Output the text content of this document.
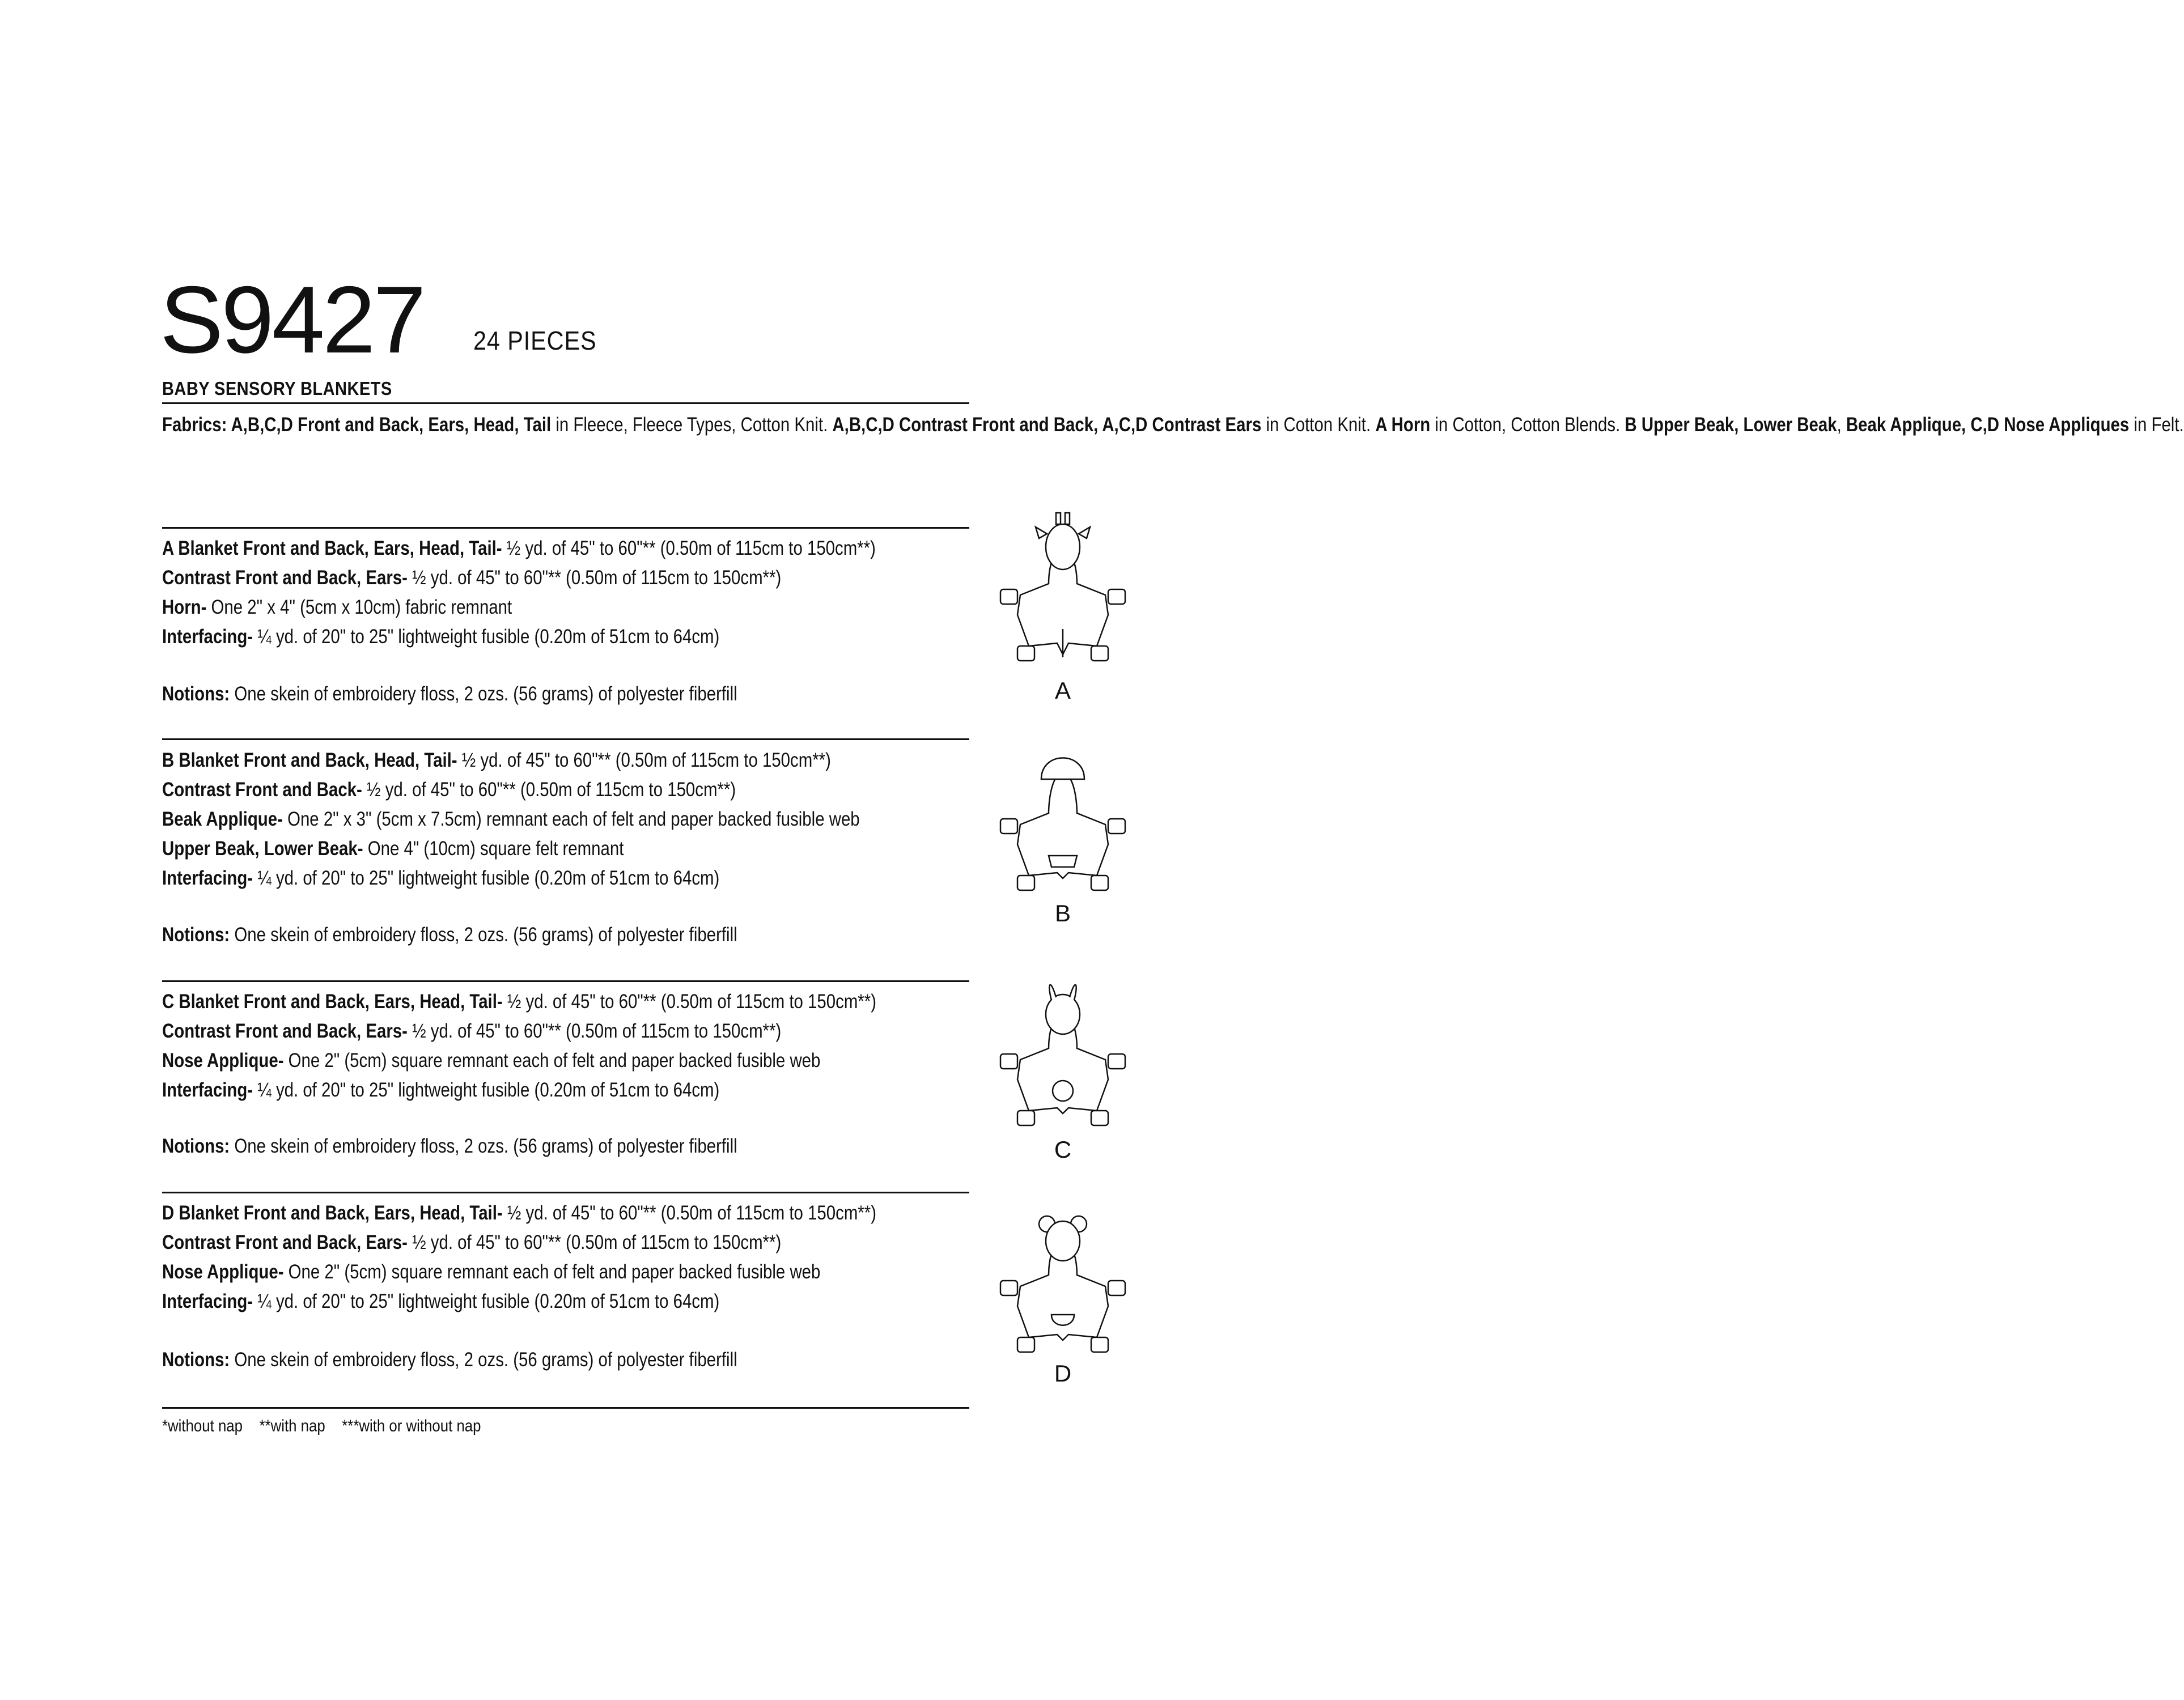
S9427 24 PIECES
BABY SENSORY BLANKETS
Fabrics: A,B,C,D Front and Back, Ears, Head, Tail in Fleece, Fleece Types, Cotton Knit. A,B,C,D Contrast Front and Back, A,C,D Contrast Ears in Cotton Knit. A Horn in Cotton, Cotton Blends. B Upper Beak, Lower Beak, Beak Applique, C,D Nose Appliques in Felt.
A Blanket Front and Back, Ears, Head, Tail- ½ yd. of 45" to 60"** (0.50m of 115cm to 150cm**)
Contrast Front and Back, Ears- ½ yd. of 45" to 60"** (0.50m of 115cm to 150cm**)
Horn- One 2" x 4" (5cm x 10cm) fabric remnant
Interfacing- ¼ yd. of 20" to 25" lightweight fusible (0.20m of 51cm to 64cm)
Notions: One skein of embroidery floss, 2 ozs. (56 grams) of polyester fiberfill
B Blanket Front and Back, Head, Tail- ½ yd. of 45" to 60"** (0.50m of 115cm to 150cm**)
Contrast Front and Back- ½ yd. of 45" to 60"** (0.50m of 115cm to 150cm**)
Beak Applique- One 2" x 3" (5cm x 7.5cm) remnant each of felt and paper backed fusible web
Upper Beak, Lower Beak- One 4" (10cm) square felt remnant
Interfacing- ¼ yd. of 20" to 25" lightweight fusible (0.20m of 51cm to 64cm)
Notions: One skein of embroidery floss, 2 ozs. (56 grams) of polyester fiberfill
C Blanket Front and Back, Ears, Head, Tail- ½ yd. of 45" to 60"** (0.50m of 115cm to 150cm**)
Contrast Front and Back, Ears- ½ yd. of 45" to 60"** (0.50m of 115cm to 150cm**)
Nose Applique- One 2" (5cm) square remnant each of felt and paper backed fusible web
Interfacing- ¼ yd. of 20" to 25" lightweight fusible (0.20m of 51cm to 64cm)
Notions: One skein of embroidery floss, 2 ozs. (56 grams) of polyester fiberfill
D Blanket Front and Back, Ears, Head, Tail- ½ yd. of 45" to 60"** (0.50m of 115cm to 150cm**)
Contrast Front and Back, Ears- ½ yd. of 45" to 60"** (0.50m of 115cm to 150cm**)
Nose Applique- One 2" (5cm) square remnant each of felt and paper backed fusible web
Interfacing- ¼ yd. of 20" to 25" lightweight fusible (0.20m of 51cm to 64cm)
Notions: One skein of embroidery floss, 2 ozs. (56 grams) of polyester fiberfill
*without nap **with nap ***with or without nap
A
B
C
D
